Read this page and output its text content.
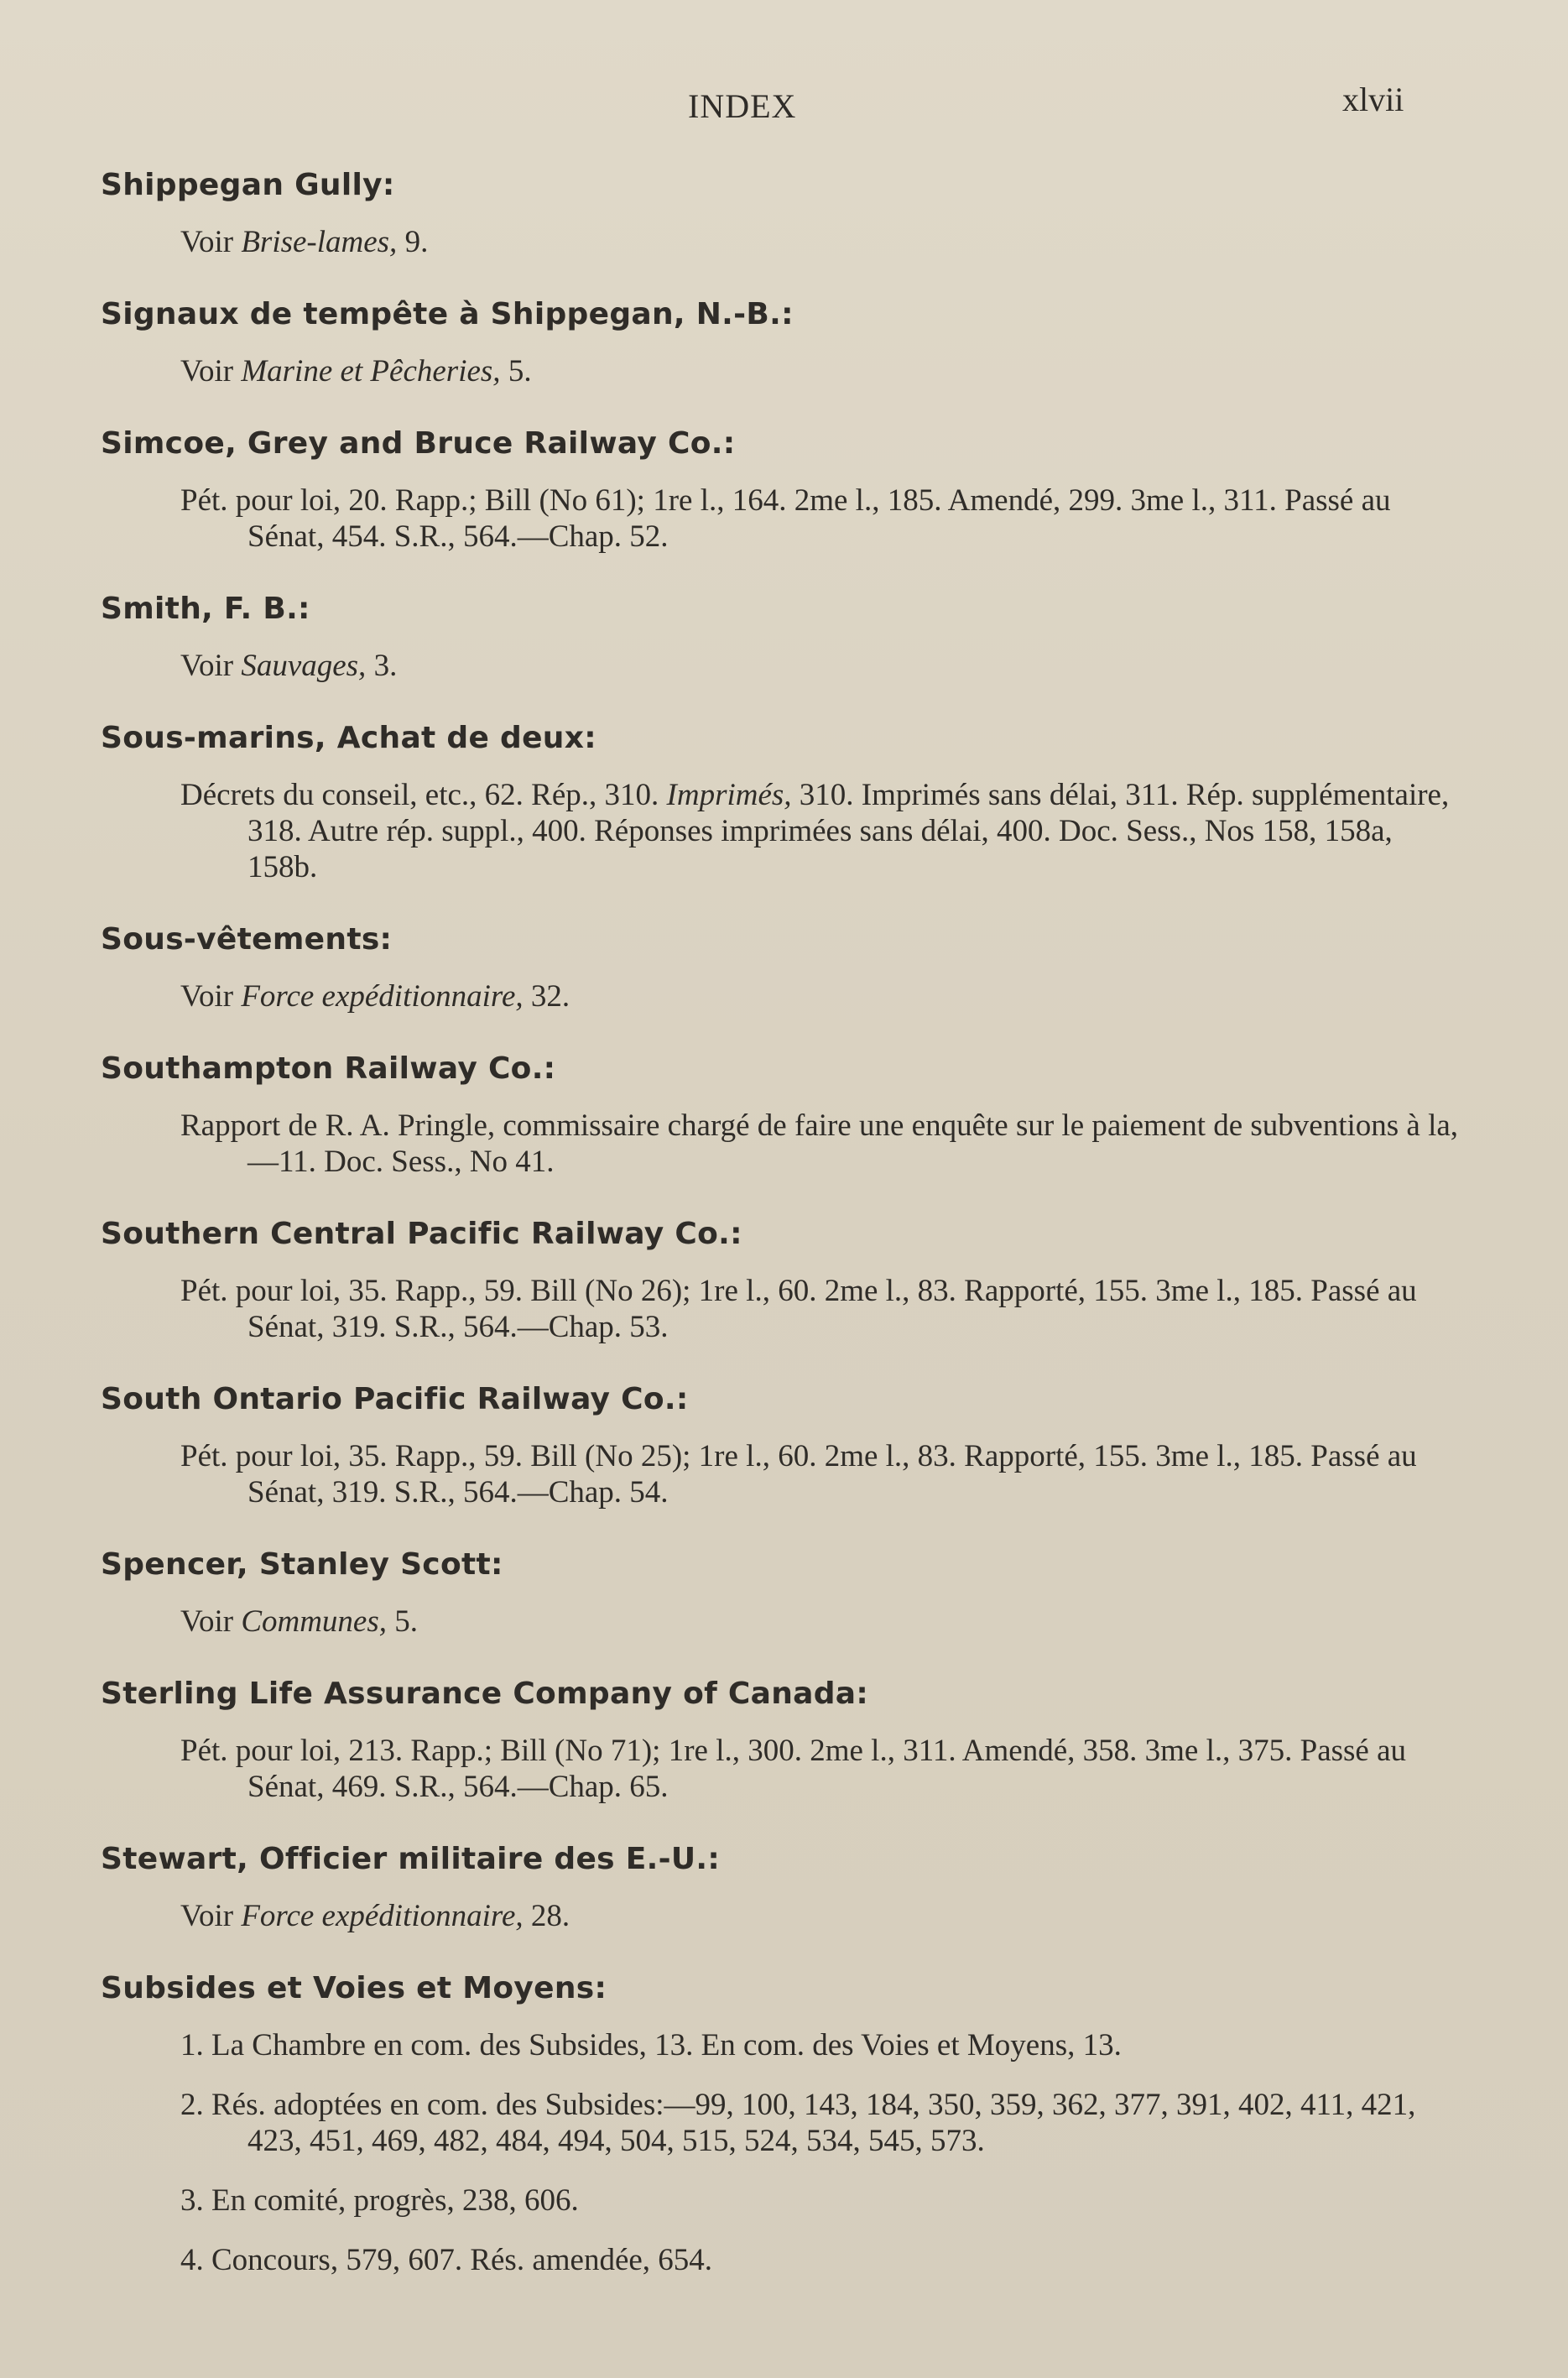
INDEX	xlvii
Shippegan Gully:
Voir Brise-lames, 9.
Signaux de tempête à Shippegan, N.-B.:
Voir Marine et Pêcheries, 5.
Simcoe, Grey and Bruce Railway Co.:
Pét. pour loi, 20. Rapp.; Bill (No 61); 1re l., 164. 2me l., 185. Amendé, 299. 3me l., 311. Passé au Sénat, 454. S.R., 564.—Chap. 52.
Smith, F. B.:
Voir Sauvages, 3.
Sous-marins, Achat de deux:
Décrets du conseil, etc., 62. Rép., 310. Imprimés, 310. Imprimés sans délai, 311. Rép. supplémentaire, 318. Autre rép. suppl., 400. Réponses imprimées sans délai, 400. Doc. Sess., Nos 158, 158a, 158b.
Sous-vêtements:
Voir Force expéditionnaire, 32.
Southampton Railway Co.:
Rapport de R. A. Pringle, commissaire chargé de faire une enquête sur le paiement de subventions à la,—11. Doc. Sess., No 41.
Southern Central Pacific Railway Co.:
Pét. pour loi, 35. Rapp., 59. Bill (No 26); 1re l., 60. 2me l., 83. Rapporté, 155. 3me l., 185. Passé au Sénat, 319. S.R., 564.—Chap. 53.
South Ontario Pacific Railway Co.:
Pét. pour loi, 35. Rapp., 59. Bill (No 25); 1re l., 60. 2me l., 83. Rapporté, 155. 3me l., 185. Passé au Sénat, 319. S.R., 564.—Chap. 54.
Spencer, Stanley Scott:
Voir Communes, 5.
Sterling Life Assurance Company of Canada:
Pét. pour loi, 213. Rapp.; Bill (No 71); 1re l., 300. 2me l., 311. Amendé, 358. 3me l., 375. Passé au Sénat, 469. S.R., 564.—Chap. 65.
Stewart, Officier militaire des E.-U.:
Voir Force expéditionnaire, 28.
Subsides et Voies et Moyens:
1. La Chambre en com. des Subsides, 13. En com. des Voies et Moyens, 13.
2. Rés. adoptées en com. des Subsides:—99, 100, 143, 184, 350, 359, 362, 377, 391, 402, 411, 421, 423, 451, 469, 482, 484, 494, 504, 515, 524, 534, 545, 573.
3. En comité, progrès, 238, 606.
4. Concours, 579, 607. Rés. amendée, 654.
